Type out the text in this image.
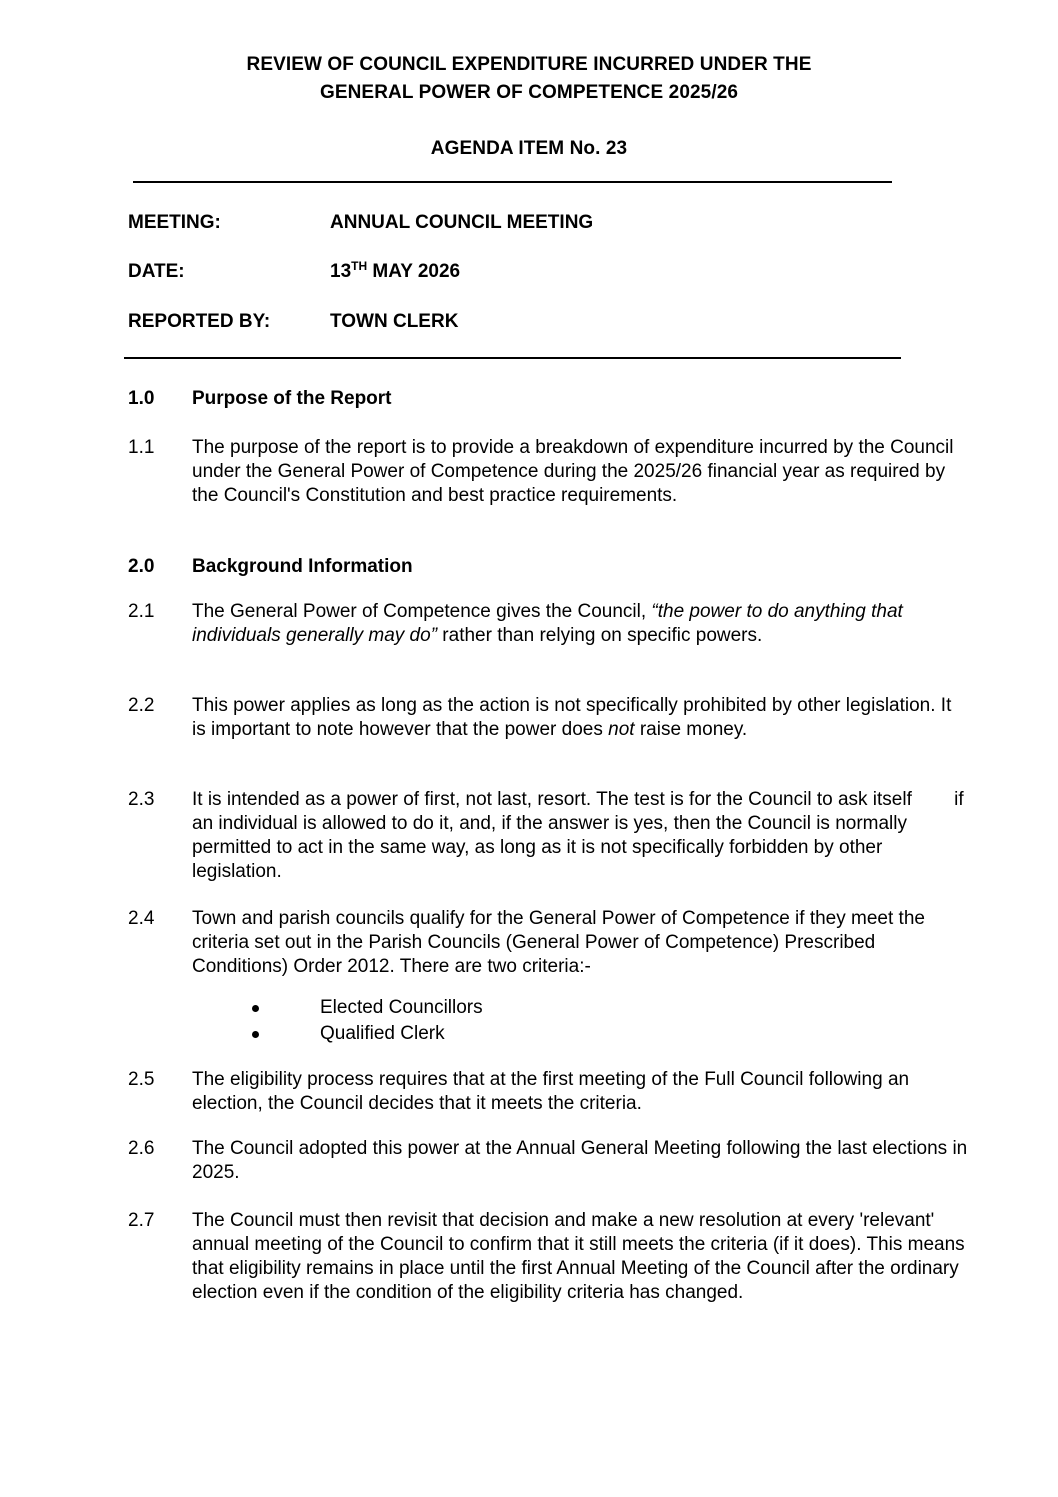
REVIEW OF COUNCIL EXPENDITURE INCURRED UNDER THE
GENERAL POWER OF COMPETENCE 2025/26
AGENDA ITEM No. 23
MEETING:	ANNUAL COUNCIL MEETING
DATE:	13TH MAY 2026
REPORTED BY:	TOWN CLERK
1.0 Purpose of the Report
1.1 The purpose of the report is to provide a breakdown of expenditure incurred by the Council under the General Power of Competence during the 2025/26 financial year as required by the Council's Constitution and best practice requirements.
2.0 Background Information
2.1 The General Power of Competence gives the Council, “the power to do anything that individuals generally may do” rather than relying on specific powers.
2.2 This power applies as long as the action is not specifically prohibited by other legislation. It is important to note however that the power does not raise money.
2.3 It is intended as a power of first, not last, resort. The test is for the Council to ask itself        if an individual is allowed to do it, and, if the answer is yes, then the Council is normally permitted to act in the same way, as long as it is not specifically forbidden by other legislation.
2.4 Town and parish councils qualify for the General Power of Competence if they meet the criteria set out in the Parish Councils (General Power of Competence) Prescribed Conditions) Order 2012. There are two criteria:-
Elected Councillors
Qualified Clerk
2.5 The eligibility process requires that at the first meeting of the Full Council following an election, the Council decides that it meets the criteria.
2.6 The Council adopted this power at the Annual General Meeting following the last elections in 2025.
2.7 The Council must then revisit that decision and make a new resolution at every 'relevant' annual meeting of the Council to confirm that it still meets the criteria (if it does). This means that eligibility remains in place until the first Annual Meeting of the Council after the ordinary election even if the condition of the eligibility criteria has changed.
